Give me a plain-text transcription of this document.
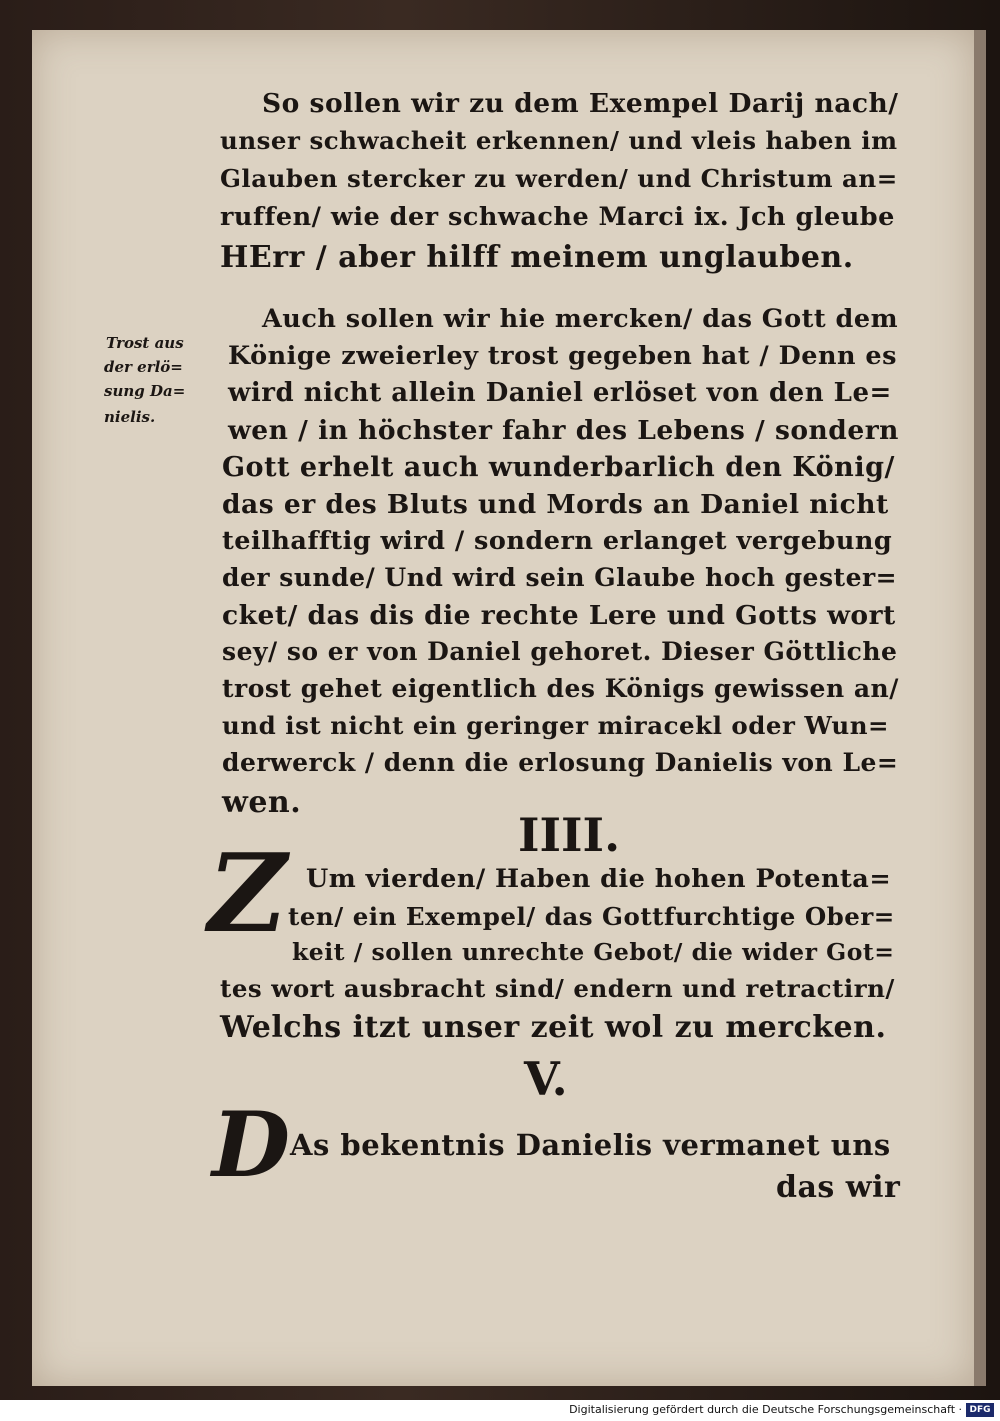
So sollen wir zu dem Exempel Darij nach/
unser schwacheit erkennen/ und vleis haben im
Glauben stercker zu werden/ und Christum an=
ruffen/ wie der schwache Marci ix. Jch gleube
HErr / aber hilff meinem unglauben.
Trost aus
der erlö=
sung Da=
nielis.
Auch sollen wir hie mercken/ das Gott dem
Könige zweierley trost gegeben hat / Denn es
wird nicht allein Daniel erlöset von den Le=
wen / in höchster fahr des Lebens / sondern
Gott erhelt auch wunderbarlich den König/
das er des Bluts und Mords an Daniel nicht
teilhafftig wird / sondern erlanget vergebung
der sunde/ Und wird sein Glaube hoch gester=
cket/ das dis die rechte Lere und Gotts wort
sey/ so er von Daniel gehoret. Dieser Göttliche
trost gehet eigentlich des Königs gewissen an/
und ist nicht ein geringer miracekl oder Wun=
derwerck / denn die erlosung Danielis von Le=
wen.
IIII.
Z Um vierden/ Haben die hohen Potenta=
ten/ ein Exempel/ das Gottfurchtige Ober=
keit / sollen unrechte Gebot/ die wider Got=
tes wort ausbracht sind/ endern und retractirn/
Welchs itzt unser zeit wol zu mercken.
V.
D As bekentnis Danielis vermanet uns
das wir
Digitalisierung gefördert durch die Deutsche Forschungsgemeinschaft · DFG
